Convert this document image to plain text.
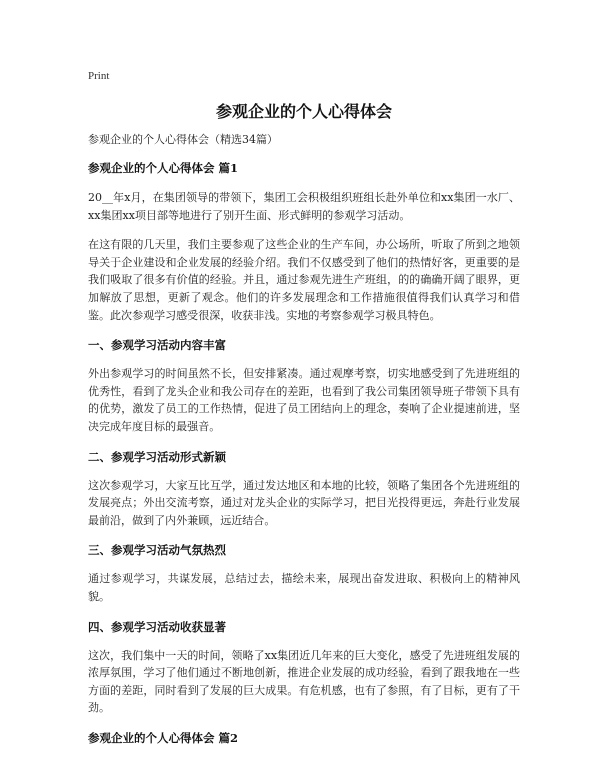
Print
参观企业的个人心得体会
参观企业的个人心得体会（精选34篇）
参观企业的个人心得体会 篇1

20__年x月，在集团领导的带领下，集团工会积极组织班组长赴外单位和xx集团一水厂、xx集团xx项目部等地进行了别开生面、形式鲜明的参观学习活动。

在这有限的几天里，我们主要参观了这些企业的生产车间，办公场所，听取了所到之地领导关于企业建设和企业发展的经验介绍。我们不仅感受到了他们的热情好客，更重要的是我们吸取了很多有价值的经验。并且，通过参观先进生产班组，的的确确开阔了眼界，更加解放了思想，更新了观念。他们的许多发展理念和工作措施很值得我们认真学习和借鉴。此次参观学习感受很深，收获非浅。实地的考察参观学习极具特色。

一、参观学习活动内容丰富

外出参观学习的时间虽然不长，但安排紧凑。通过观摩考察，切实地感受到了先进班组的优秀性，看到了龙头企业和我公司存在的差距，也看到了我公司集团领导班子带领下具有的优势，激发了员工的工作热情，促进了员工团结向上的理念，奏响了企业提速前进，坚决完成年度目标的最强音。

二、参观学习活动形式新颖

这次参观学习，大家互比互学，通过发达地区和本地的比较，领略了集团各个先进班组的发展亮点；外出交流考察，通过对龙头企业的实际学习，把目光投得更远，奔赴行业发展最前沿，做到了内外兼顾，远近结合。

三、参观学习活动气氛热烈

通过参观学习，共谋发展，总结过去，描绘未来，展现出奋发进取、积极向上的精神风貌。

四、参观学习活动收获显著

这次，我们集中一天的时间，领略了xx集团近几年来的巨大变化，感受了先进班组发展的浓厚氛围，学习了他们通过不断地创新，推进企业发展的成功经验，看到了跟我地在一些方面的差距，同时看到了发展的巨大成果。有危机感，也有了参照，有了目标，更有了干劲。

参观企业的个人心得体会 篇2
